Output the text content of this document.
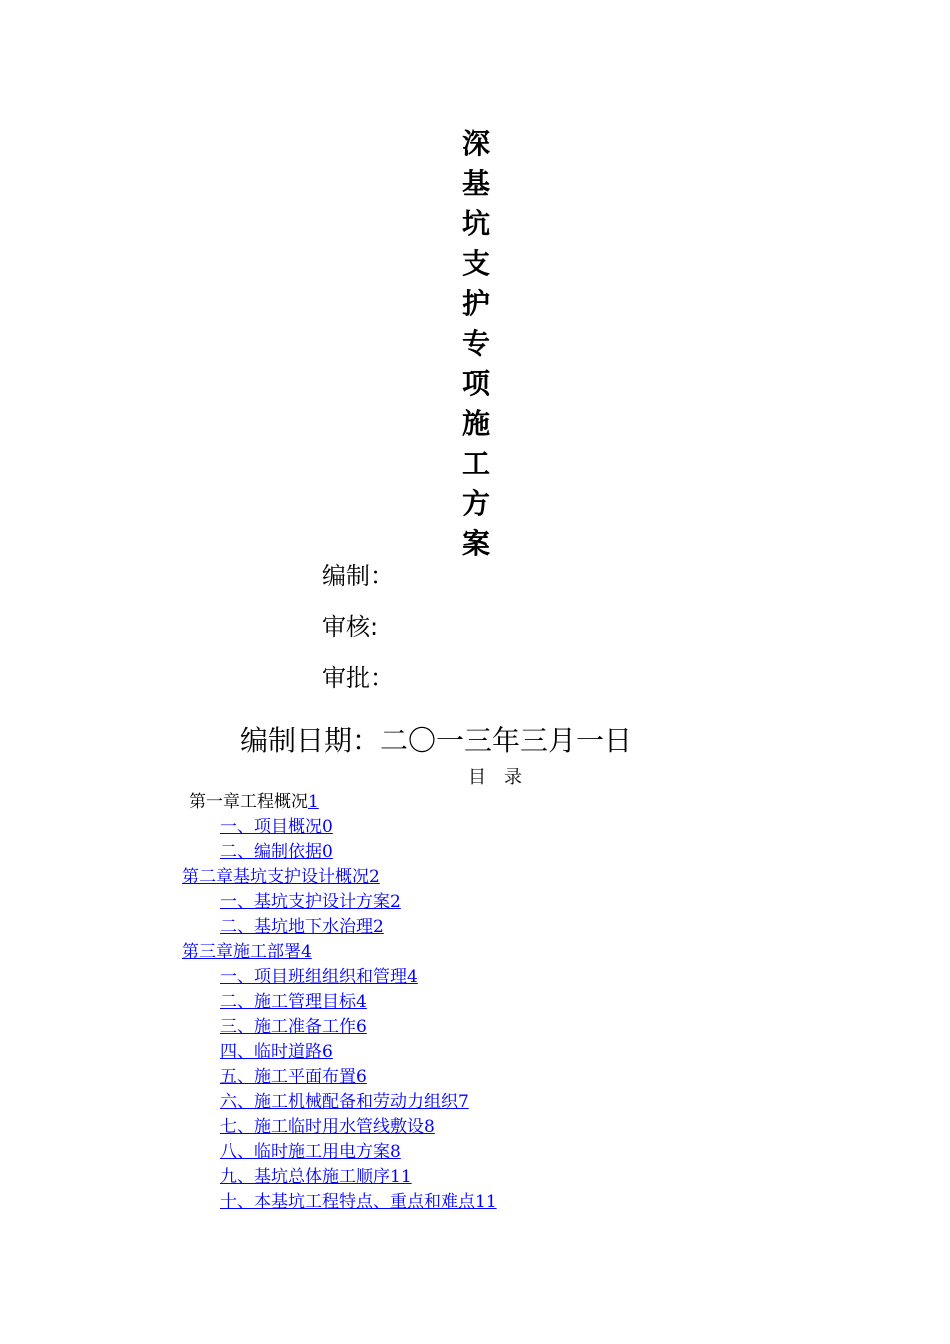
深
基
坑
支
护
专
项
施
工
方
案
编制：
审核:
审批：
编制日期：二〇一三年三月一日
目录
第一章工程概况1
一、项目概况0
二、编制依据0
第二章基坑支护设计概况2
一、基坑支护设计方案2
二、基坑地下水治理2
第三章施工部署4
一、项目班组组织和管理4
二、施工管理目标4
三、施工准备工作6
四、临时道路6
五、施工平面布置6
六、施工机械配备和劳动力组织7
七、施工临时用水管线敷设8
八、临时施工用电方案8
九、基坑总体施工顺序11
十、本基坑工程特点、重点和难点11
